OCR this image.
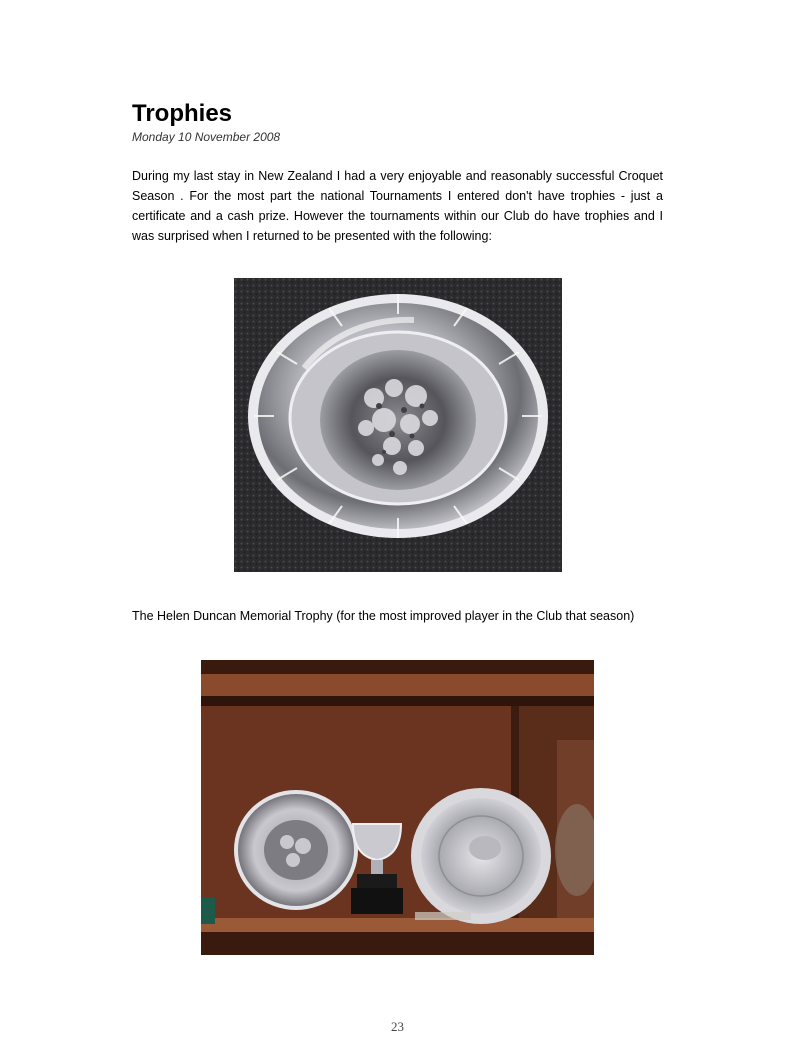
Trophies
Monday 10 November 2008

During my last stay in New Zealand I had a very enjoyable and reasonably successful Croquet Season . For the most part the national Tournaments I entered don't have trophies - just a certificate and a cash prize. However the tournaments within our Club do have trophies and I was surprised when I returned to be presented with the following:

The Helen Duncan Memorial Trophy (for the most improved player in the Club that season)

23
